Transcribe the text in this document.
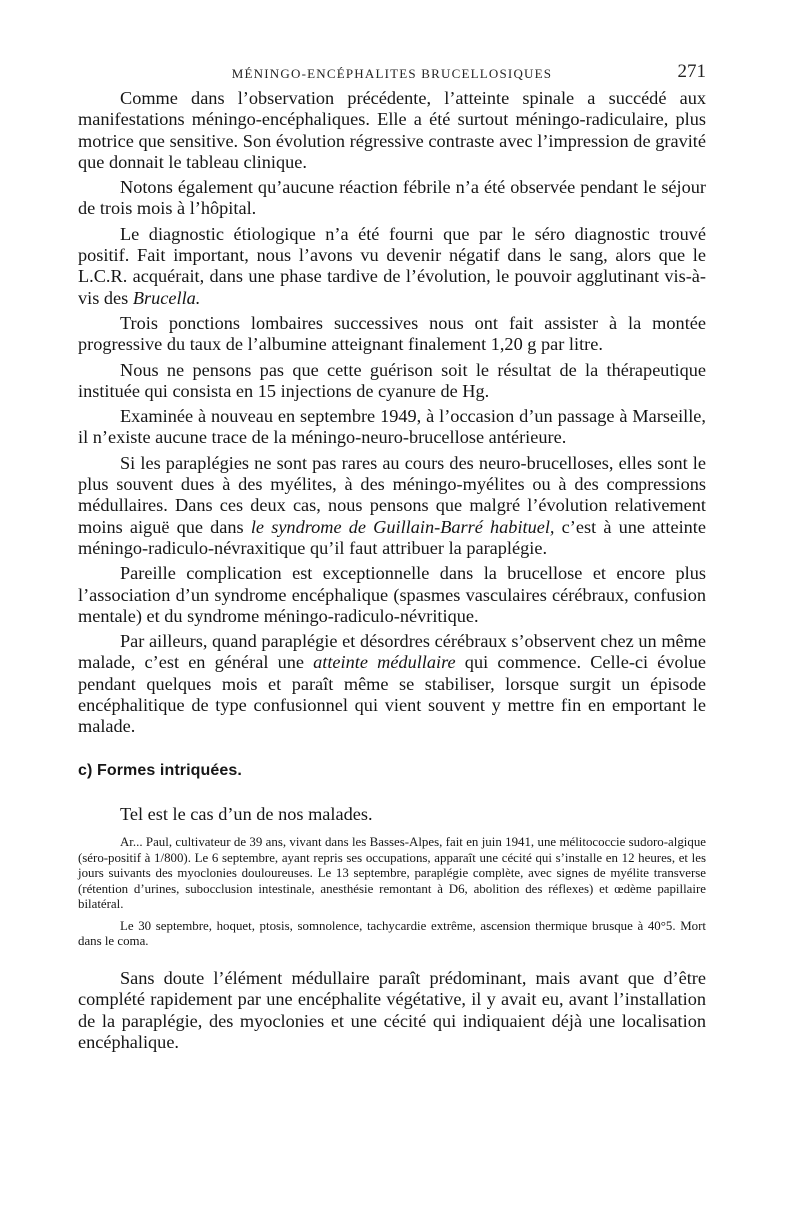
MÉNINGO-ENCÉPHALITES BRUCELLOSIQUES	271

Comme dans l’observation précédente, l’atteinte spinale a succédé aux manifestations méningo-encéphaliques. Elle a été surtout méningo-radiculaire, plus motrice que sensitive. Son évolution régressive contraste avec l’impression de gravité que donnait le tableau clinique.

Notons également qu’aucune réaction fébrile n’a été observée pendant le séjour de trois mois à l’hôpital.

Le diagnostic étiologique n’a été fourni que par le séro diagnostic trouvé positif. Fait important, nous l’avons vu devenir négatif dans le sang, alors que le L.C.R. acquérait, dans une phase tardive de l’évolution, le pouvoir agglutinant vis-à-vis des Brucella.

Trois ponctions lombaires successives nous ont fait assister à la montée progressive du taux de l’albumine atteignant finalement 1,20 g par litre.

Nous ne pensons pas que cette guérison soit le résultat de la thérapeutique instituée qui consista en 15 injections de cyanure de Hg.

Examinée à nouveau en septembre 1949, à l’occasion d’un passage à Marseille, il n’existe aucune trace de la méningo-neuro-brucellose antérieure.

Si les paraplégies ne sont pas rares au cours des neuro-brucelloses, elles sont le plus souvent dues à des myélites, à des méningo-myélites ou à des compressions médullaires. Dans ces deux cas, nous pensons que malgré l’évolution relativement moins aiguë que dans le syndrome de Guillain-Barré habituel, c’est à une atteinte méningo-radiculo-névraxitique qu’il faut attribuer la paraplégie.

Pareille complication est exceptionnelle dans la brucellose et encore plus l’association d’un syndrome encéphalique (spasmes vasculaires cérébraux, confusion mentale) et du syndrome méningo-radiculo-névritique.

Par ailleurs, quand paraplégie et désordres cérébraux s’observent chez un même malade, c’est en général une atteinte médullaire qui commence. Celle-ci évolue pendant quelques mois et paraît même se stabiliser, lorsque surgit un épisode encéphalitique de type confusionnel qui vient souvent y mettre fin en emportant le malade.

c) Formes intriquées.

Tel est le cas d’un de nos malades.

Ar... Paul, cultivateur de 39 ans, vivant dans les Basses-Alpes, fait en juin 1941, une mélitococcie sudoro-algique (séro-positif à 1/800). Le 6 septembre, ayant repris ses occupations, apparaît une cécité qui s’installe en 12 heures, et les jours suivants des myoclonies douloureuses. Le 13 septembre, paraplégie complète, avec signes de myélite transverse (rétention d’urines, subocclusion intestinale, anesthésie remontant à D6, abolition des réflexes) et œdème papillaire bilatéral.

Le 30 septembre, hoquet, ptosis, somnolence, tachycardie extrême, ascension thermique brusque à 40°5. Mort dans le coma.

Sans doute l’élément médullaire paraît prédominant, mais avant que d’être complété rapidement par une encéphalite végétative, il y avait eu, avant l’installation de la paraplégie, des myoclonies et une cécité qui indiquaient déjà une localisation encéphalique.
